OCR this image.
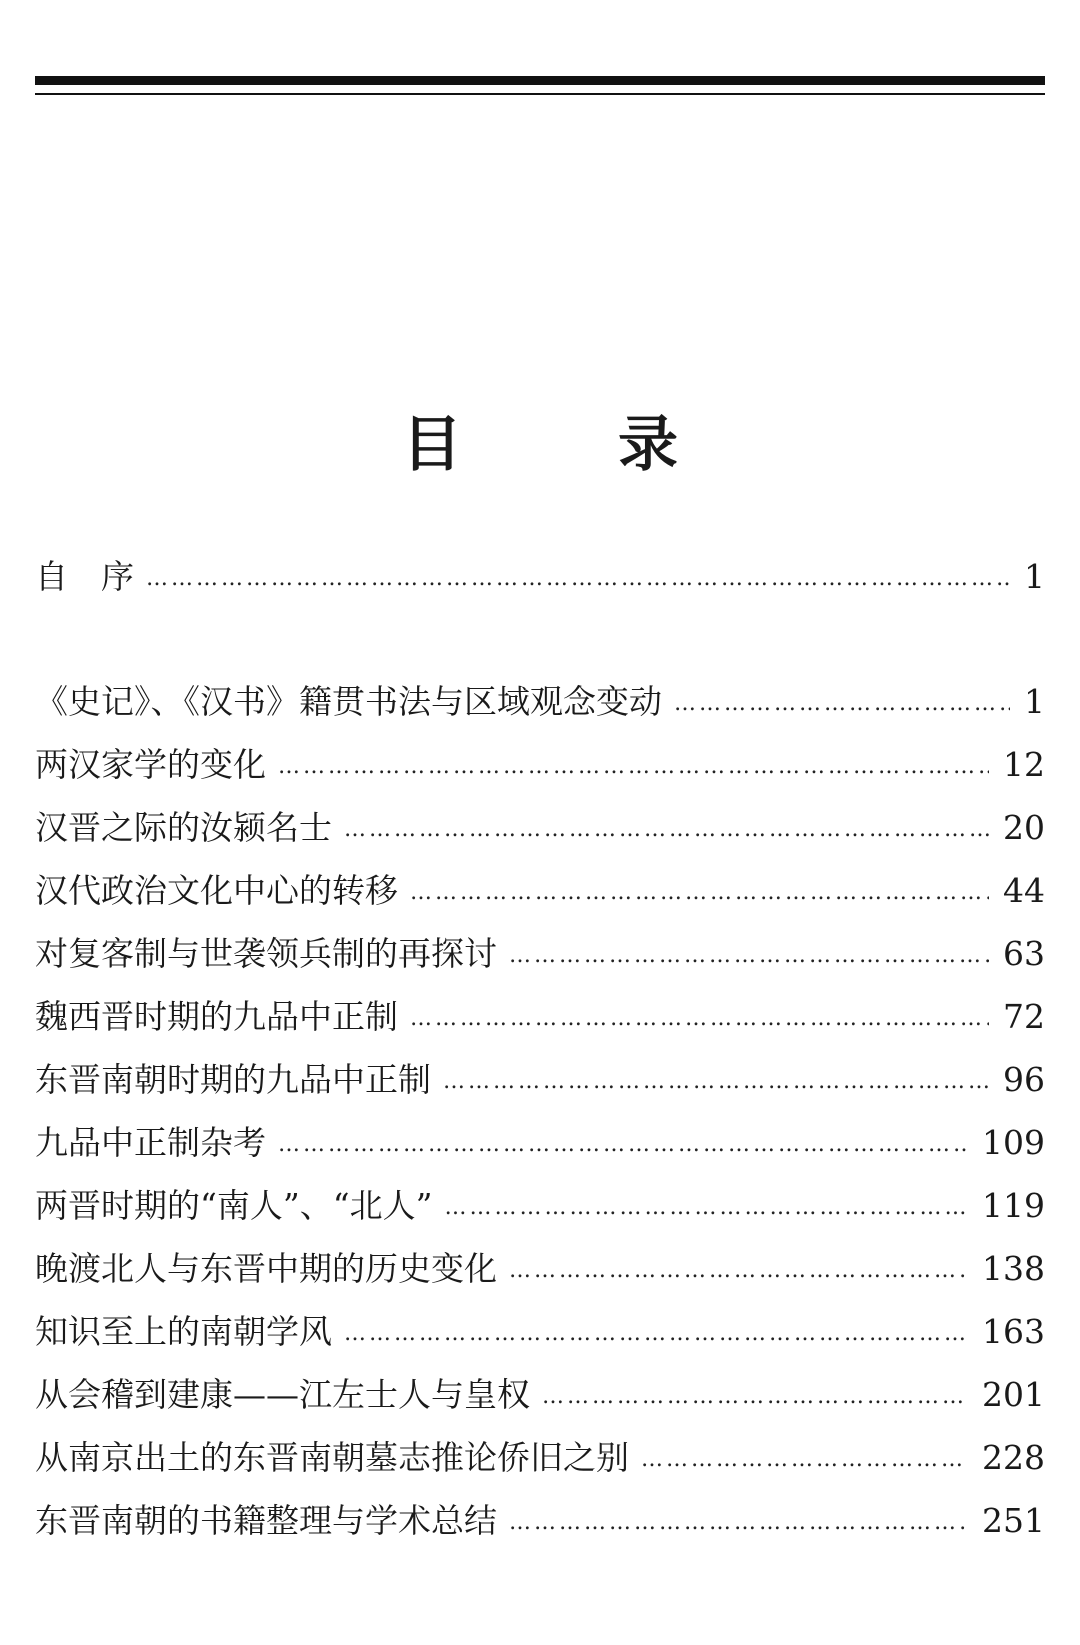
目　录
自　序 …………………………………………………………………………………………………………………………………………………………………………………………………………………………	1
《史记》、《汉书》籍贯书法与区域观念变动 …………………………………………………………………………………………………………………………………………………………………………………………………………………………	1
两汉家学的变化 …………………………………………………………………………………………………………………………………………………………………………………………………………………………	12
汉晋之际的汝颍名士 …………………………………………………………………………………………………………………………………………………………………………………………………………………………	20
汉代政治文化中心的转移 …………………………………………………………………………………………………………………………………………………………………………………………………………………………	44
对复客制与世袭领兵制的再探讨 …………………………………………………………………………………………………………………………………………………………………………………………………………………………	63
魏西晋时期的九品中正制 …………………………………………………………………………………………………………………………………………………………………………………………………………………………	72
东晋南朝时期的九品中正制 …………………………………………………………………………………………………………………………………………………………………………………………………………………………	96
九品中正制杂考 …………………………………………………………………………………………………………………………………………………………………………………………………………………………	109
两晋时期的“南人”、“北人” …………………………………………………………………………………………………………………………………………………………………………………………………………………………	119
晚渡北人与东晋中期的历史变化 …………………………………………………………………………………………………………………………………………………………………………………………………………………………	138
知识至上的南朝学风 …………………………………………………………………………………………………………………………………………………………………………………………………………………………	163
从会稽到建康——江左士人与皇权 …………………………………………………………………………………………………………………………………………………………………………………………………………………………	201
从南京出土的东晋南朝墓志推论侨旧之别 …………………………………………………………………………………………………………………………………………………………………………………………………………………………	228
东晋南朝的书籍整理与学术总结 …………………………………………………………………………………………………………………………………………………………………………………………………………………………	251
